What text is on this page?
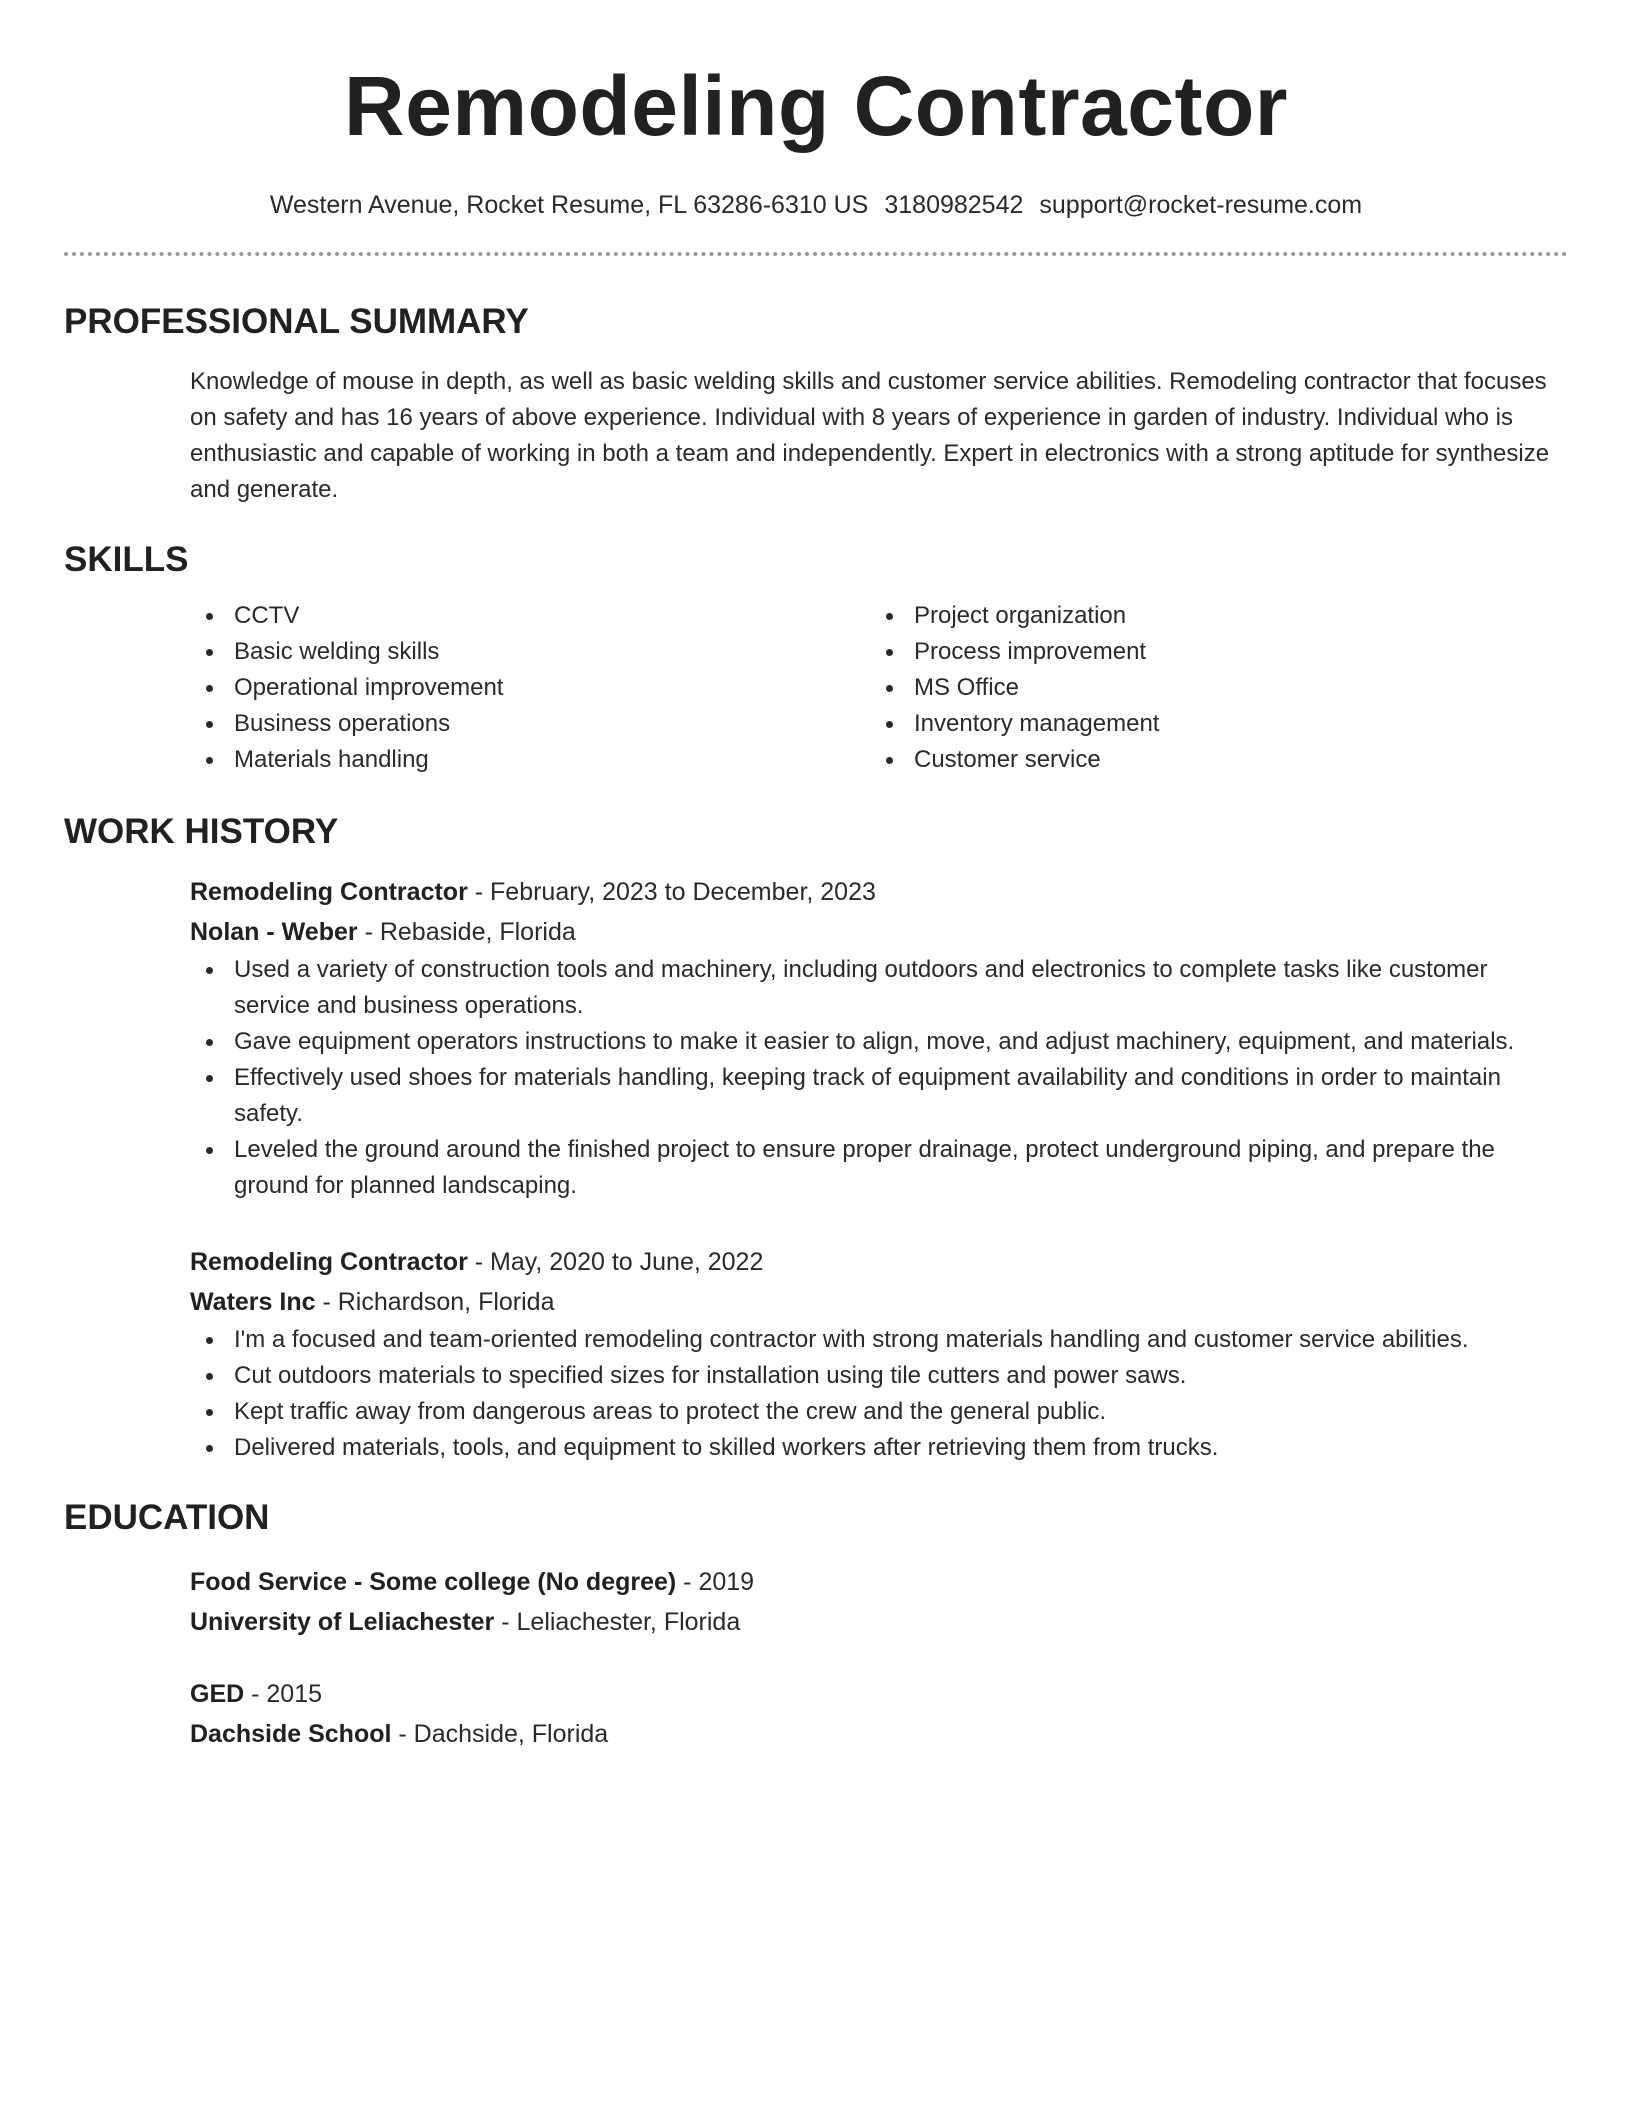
Remodeling Contractor
Western Avenue, Rocket Resume, FL 63286-6310 US 3180982542 support@rocket-resume.com
PROFESSIONAL SUMMARY

Knowledge of mouse in depth, as well as basic welding skills and customer service abilities. Remodeling contractor that focuses on safety and has 16 years of above experience. Individual with 8 years of experience in garden of industry. Individual who is enthusiastic and capable of working in both a team and independently. Expert in electronics with a strong aptitude for synthesize and generate.

SKILLS
CCTV
Basic welding skills
Operational improvement
Business operations
Materials handling
Project organization
Process improvement
MS Office
Inventory management
Customer service
WORK HISTORY
Remodeling Contractor - February, 2023 to December, 2023
Nolan - Weber - Rebaside, Florida
Used a variety of construction tools and machinery, including outdoors and electronics to complete tasks like customer service and business operations.
Gave equipment operators instructions to make it easier to align, move, and adjust machinery, equipment, and materials.
Effectively used shoes for materials handling, keeping track of equipment availability and conditions in order to maintain safety.
Leveled the ground around the finished project to ensure proper drainage, protect underground piping, and prepare the ground for planned landscaping.
Remodeling Contractor - May, 2020 to June, 2022
Waters Inc - Richardson, Florida
I'm a focused and team-oriented remodeling contractor with strong materials handling and customer service abilities.
Cut outdoors materials to specified sizes for installation using tile cutters and power saws.
Kept traffic away from dangerous areas to protect the crew and the general public.
Delivered materials, tools, and equipment to skilled workers after retrieving them from trucks.
EDUCATION
Food Service - Some college (No degree) - 2019
University of Leliachester - Leliachester, Florida
GED - 2015
Dachside School - Dachside, Florida
